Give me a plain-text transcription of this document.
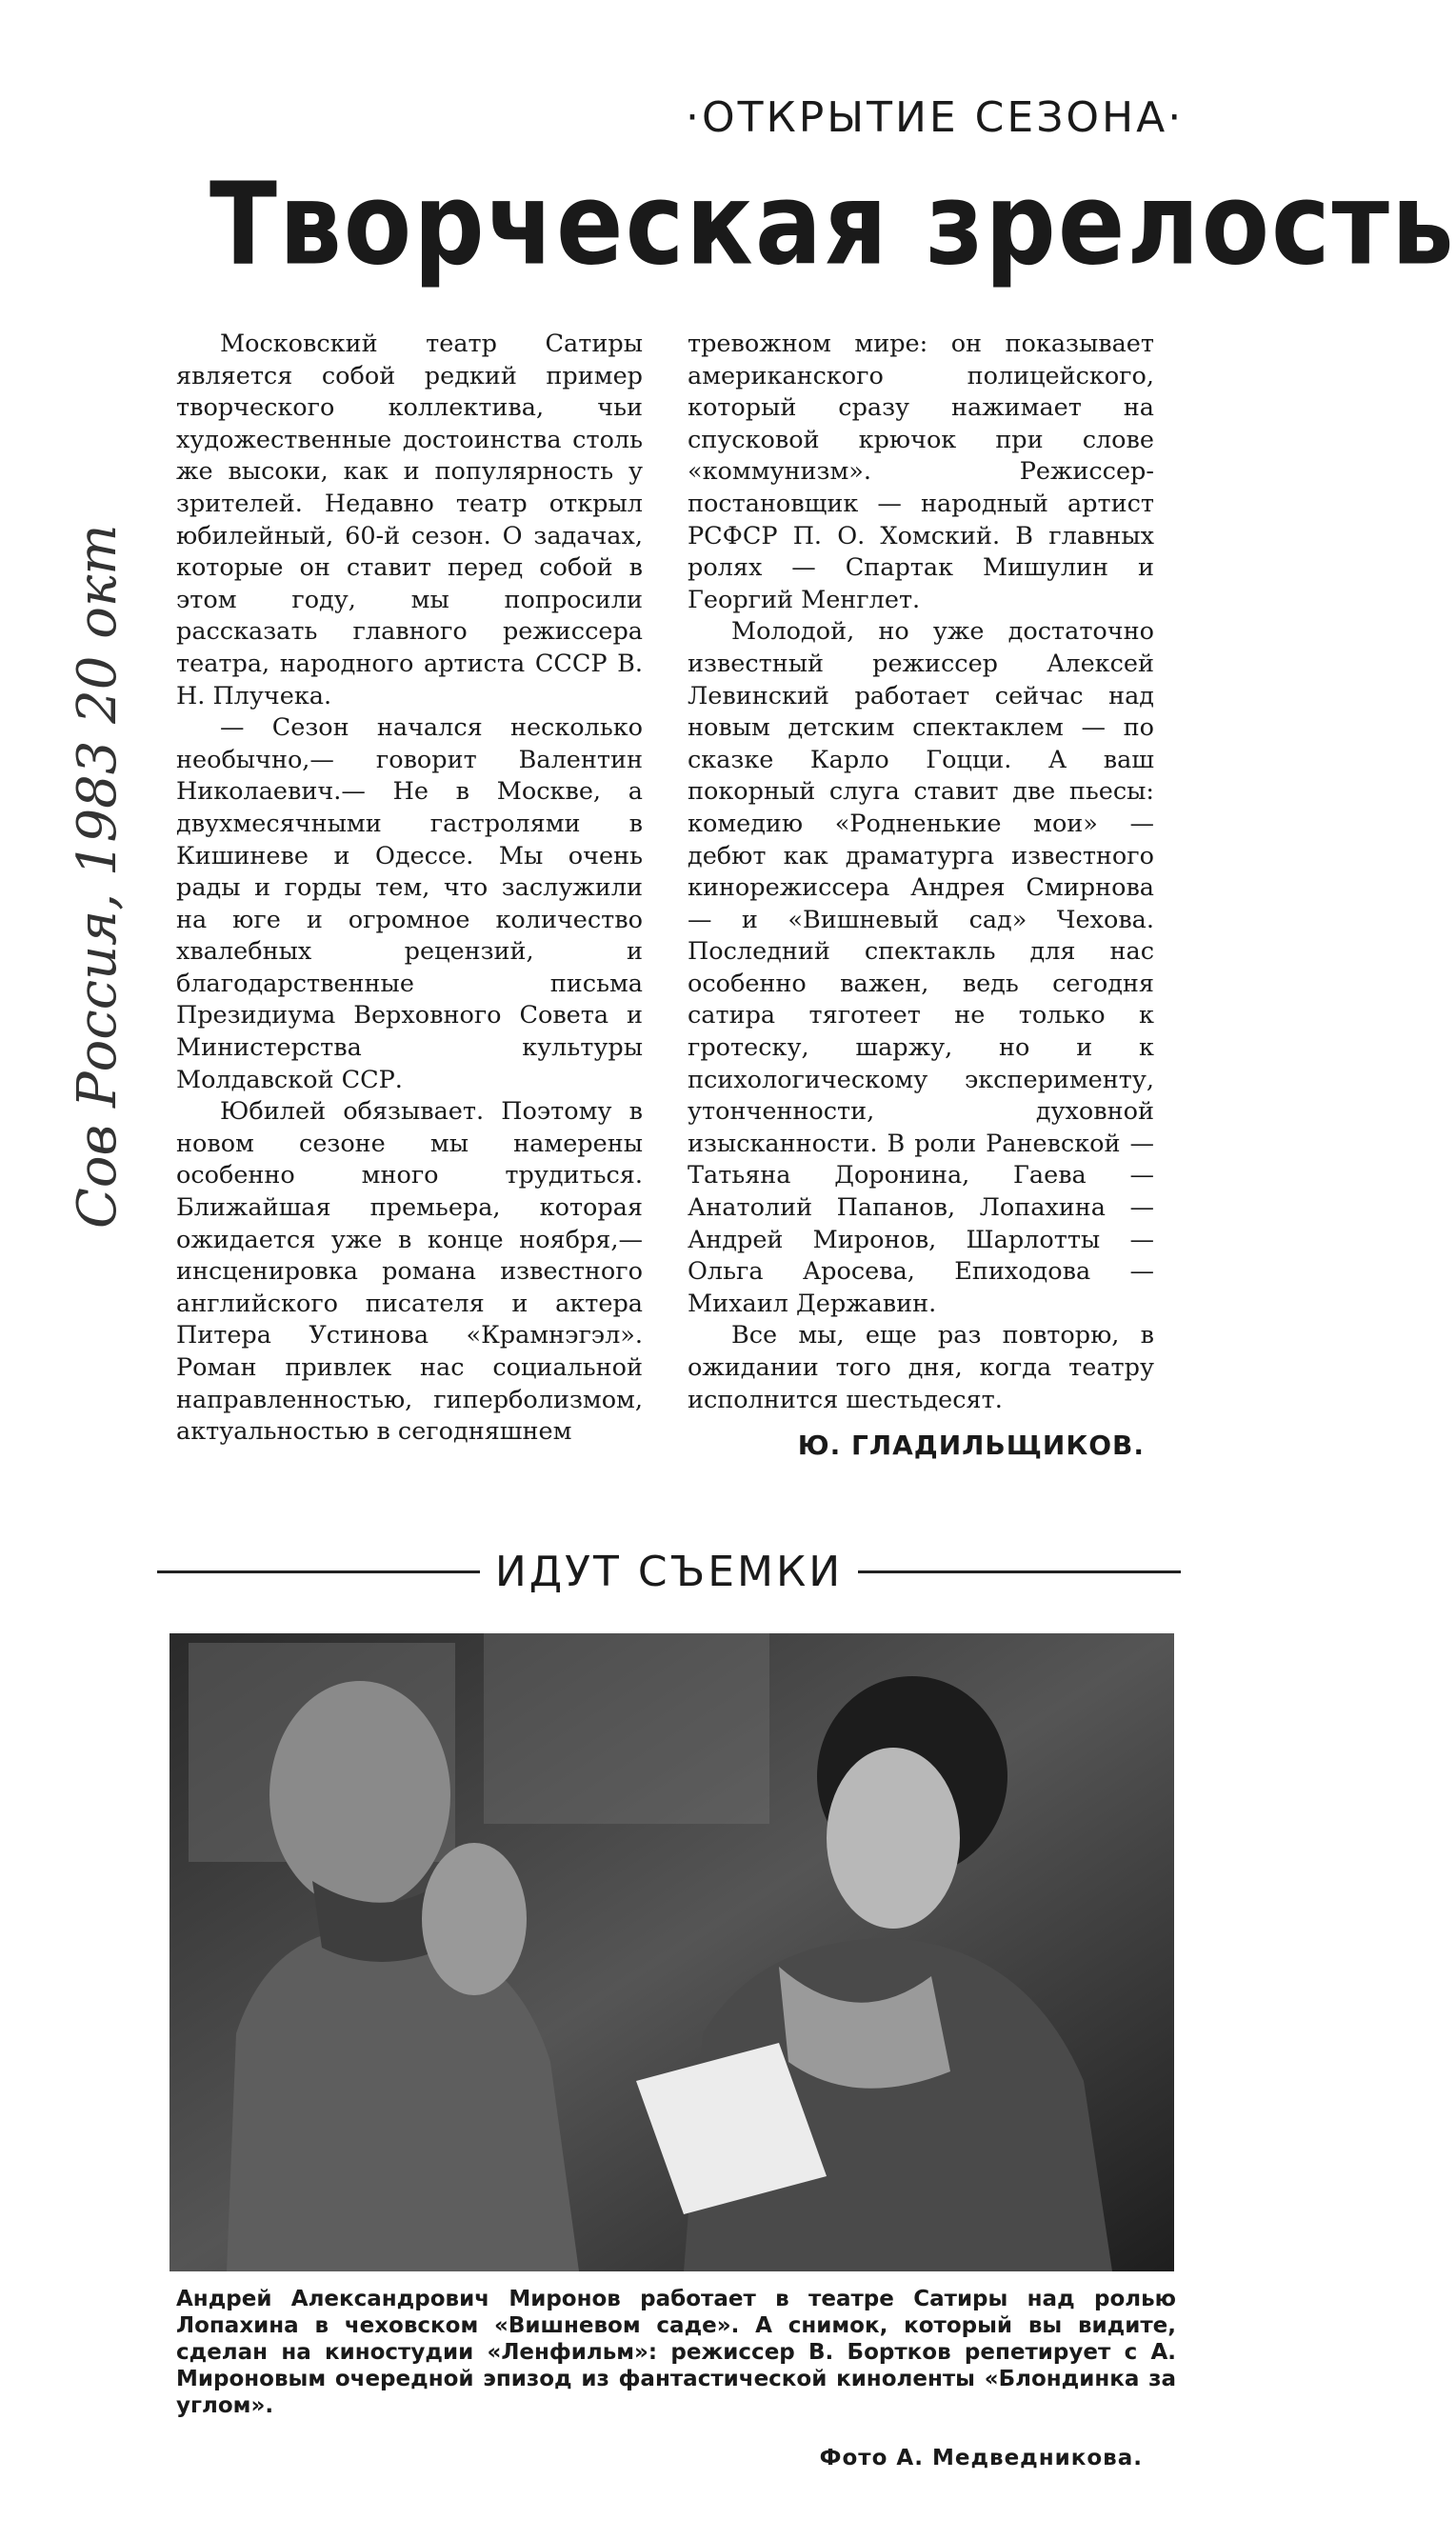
·ОТКРЫТИЕ СЕЗОНА·
Творческая зрелость
Сов Россия, 1983 20 окт

Московский театр Сатиры является собой редкий пример творческого коллектива, чьи художественные достоинства столь же высоки, как и популярность у зрителей. Недавно театр открыл юбилейный, 60-й сезон. О задачах, которые он ставит перед собой в этом году, мы попросили рассказать главного режиссера театра, народного артиста СССР В. Н. Плучека.

— Сезон начался несколько необычно,— говорит Валентин Николаевич.— Не в Москве, а двухмесячными гастролями в Кишиневе и Одессе. Мы очень рады и горды тем, что заслужили на юге и огромное количество хвалебных рецензий, и благодарственные письма Президиума Верховного Совета и Министерства культуры Молдавской ССР.

Юбилей обязывает. Поэтому в новом сезоне мы намерены особенно много трудиться. Ближайшая премьера, которая ожидается уже в конце ноября,— инсценировка романа известного английского писателя и актера Питера Устинова «Крамнэгэл». Роман привлек нас социальной направленностью, гиперболизмом, актуальностью в сегодняшнем

тревожном мире: он показывает американского полицейского, который сразу нажимает на спусковой крючок при слове «коммунизм». Режиссер-постановщик — народный артист РСФСР П. О. Хомский. В главных ролях — Спартак Мишулин и Георгий Менглет.

Молодой, но уже достаточно известный режиссер Алексей Левинский работает сейчас над новым детским спектаклем — по сказке Карло Гоцци. А ваш покорный слуга ставит две пьесы: комедию «Родненькие мои» — дебют как драматурга известного кинорежиссера Андрея Смирнова — и «Вишневый сад» Чехова. Последний спектакль для нас особенно важен, ведь сегодня сатира тяготеет не только к гротеску, шаржу, но и к психологическому эксперименту, утонченности, духовной изысканности. В роли Раневской — Татьяна Доронина, Гаева — Анатолий Папанов, Лопахина — Андрей Миронов, Шарлотты — Ольга Аросева, Епиходова — Михаил Державин.

Все мы, еще раз повторю, в ожидании того дня, когда театру исполнится шестьдесят.

Ю. ГЛАДИЛЬЩИКОВ.
ИДУТ СЪЕМКИ
Андрей Александрович Миронов работает в театре Сатиры над ролью Лопахина в чеховском «Вишневом саде». А снимок, который вы видите, сделан на киностудии «Ленфильм»: режиссер В. Бортков репетирует с А. Мироновым очередной эпизод из фантастической киноленты «Блондинка за углом».
Фото А. Медведникова.
